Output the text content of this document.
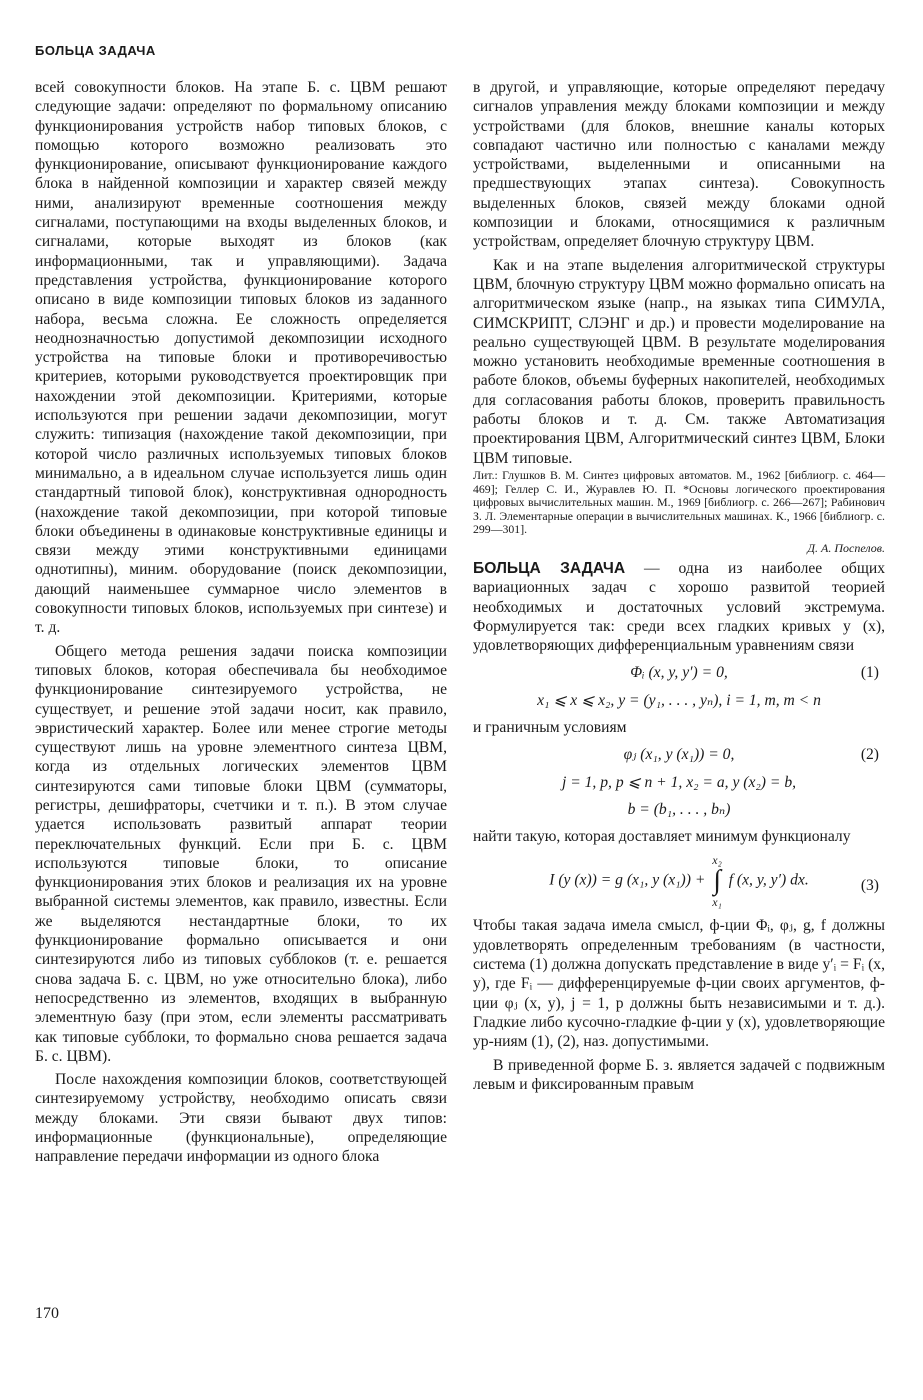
БОЛЬЦА ЗАДАЧА

всей совокупности блоков. На этапе Б. с. ЦВМ решают следующие задачи: определяют по формальному описанию функционирования устройств набор типовых блоков, с помощью которого возможно реализовать это функционирование, описывают функционирование каждого блока в найденной композиции и характер связей между ними, анализируют временные соотношения между сигналами, поступающими на входы выделенных блоков, и сигналами, которые выходят из блоков (как информационными, так и управляющими). Задача представления устройства, функционирование которого описано в виде композиции типовых блоков из заданного набора, весьма сложна. Ее сложность определяется неоднозначностью допустимой декомпозиции исходного устройства на типовые блоки и противоречивостью критериев, которыми руководствуется проектировщик при нахождении этой декомпозиции. Критериями, которые используются при решении задачи декомпозиции, могут служить: типизация (нахождение такой декомпозиции, при которой число различных используемых типовых блоков минимально, а в идеальном случае используется лишь один стандартный типовой блок), конструктивная однородность (нахождение такой декомпозиции, при которой типовые блоки объединены в одинаковые конструктивные единицы и связи между этими конструктивными единицами однотипны), миним. оборудование (поиск декомпозиции, дающий наименьшее суммарное число элементов в совокупности типовых блоков, используемых при синтезе) и т. д.

Общего метода решения задачи поиска композиции типовых блоков, которая обеспечивала бы необходимое функционирование синтезируемого устройства, не существует, и решение этой задачи носит, как правило, эвристический характер. Более или менее строгие методы существуют лишь на уровне элементного синтеза ЦВМ, когда из отдельных логических элементов ЦВМ синтезируются сами типовые блоки ЦВМ (сумматоры, регистры, дешифраторы, счетчики и т. п.). В этом случае удается использовать развитый аппарат теории переключательных функций. Если при Б. с. ЦВМ используются типовые блоки, то описание функционирования этих блоков и реализация их на уровне выбранной системы элементов, как правило, известны. Если же выделяются нестандартные блоки, то их функционирование формально описывается и они синтезируются либо из типовых субблоков (т. е. решается снова задача Б. с. ЦВМ, но уже относительно блока), либо непосредственно из элементов, входящих в выбранную элементную базу (при этом, если элементы рассматривать как типовые субблоки, то формально снова решается задача Б. с. ЦВМ).

После нахождения композиции блоков, соответствующей синтезируемому устройству, необходимо описать связи между блоками. Эти связи бывают двух типов: информационные (функциональные), определяющие направление передачи информации из одного блока

в другой, и управляющие, которые определяют передачу сигналов управления между блоками композиции и между устройствами (для блоков, внешние каналы которых совпадают частично или полностью с каналами между устройствами, выделенными и описанными на предшествующих этапах синтеза). Совокупность выделенных блоков, связей между блоками одной композиции и блоками, относящимися к различным устройствам, определяет блочную структуру ЦВМ.

Как и на этапе выделения алгоритмической структуры ЦВМ, блочную структуру ЦВМ можно формально описать на алгоритмическом языке (напр., на языках типа СИМУЛА, СИМСКРИПТ, СЛЭНГ и др.) и провести моделирование на реально существующей ЦВМ. В результате моделирования можно установить необходимые временные соотношения в работе блоков, объемы буферных накопителей, необходимых для согласования работы блоков, проверить правильность работы блоков и т. д. См. также Автоматизация проектирования ЦВМ, Алгоритмический синтез ЦВМ, Блоки ЦВМ типовые.

Лит.: Глушков В. М. Синтез цифровых автоматов. М., 1962 [библиогр. с. 464—469]; Геллер С. И., Журавлев Ю. П. *Основы логического проектирования цифровых вычислительных машин. М., 1969 [библиогр. с. 266—267]; Рабинович З. Л. Элементарные операции в вычислительных машинах. К., 1966 [библиогр. с. 299—301].

Д. А. Поспелов.

БОЛЬЦА ЗАДАЧА — одна из наиболее общих вариационных задач с хорошо развитой теорией необходимых и достаточных условий экстремума. Формулируется так: среди всех гладких кривых y (x), удовлетворяющих дифференциальным уравнениям связи

Φᵢ (x, y, y′) = 0,	(1)
x₁ ⩽ x ⩽ x₂, y = (y₁, . . . , yₙ), i = 1, m, m < n

и граничным условиям

φⱼ (x₁, y (x₁)) = 0,	(2)
j = 1, p, p ⩽ n + 1, x₂ = a, y (x₂) = b,
b = (b₁, . . . , bₙ)

найти такую, которая доставляет минимум функционалу

I (y (x)) = g (x₁, y (x₁)) +
x₂
∫
x₁
f (x, y, y′) dx.	(3)

Чтобы такая задача имела смысл, ф-ции Φᵢ, φⱼ, g, f должны удовлетворять определенным требованиям (в частности, система (1) должна допускать представление в виде y′ᵢ = Fᵢ (x, y), где Fᵢ — дифференцируемые ф-ции своих аргументов, ф-ции φⱼ (x, y), j = 1, p должны быть независимыми и т. д.). Гладкие либо кусочно-гладкие ф-ции y (x), удовлетворяющие ур-ниям (1), (2), наз. допустимыми.

В приведенной форме Б. з. является задачей с подвижным левым и фиксированным правым

170
